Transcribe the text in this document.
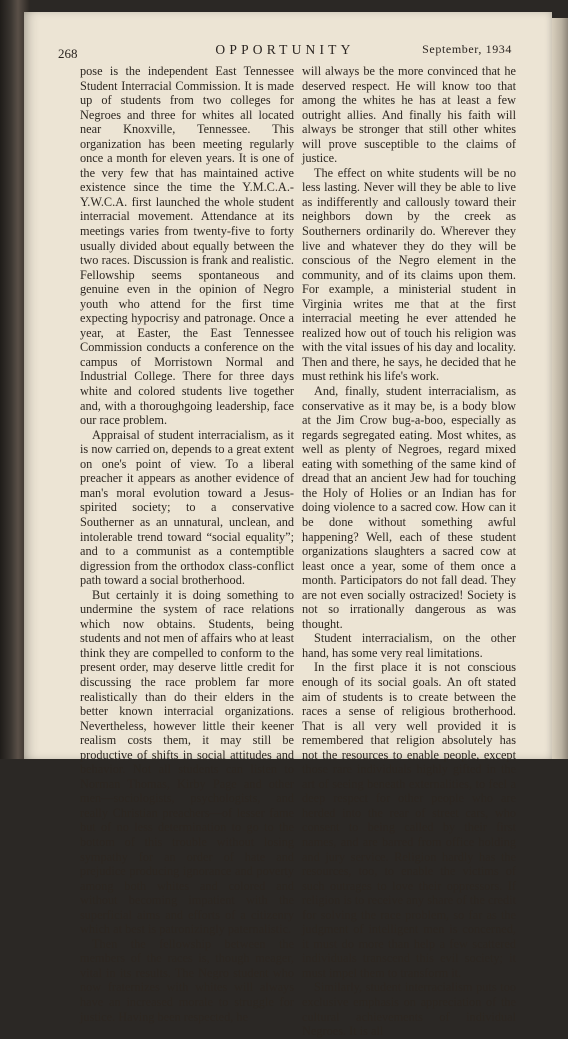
268	OPPORTUNITY	September, 1934

pose is the independent East Tennessee Student Interracial Commission. It is made up of students from two colleges for Negroes and three for whites all located near Knoxville, Tennessee. This organization has been meeting regularly once a month for eleven years. It is one of the very few that has maintained active existence since the time the Y.M.C.A.-Y.W.C.A. first launched the whole student interracial movement. Attendance at its meetings varies from twenty-five to forty usually divided about equally between the two races. Discussion is frank and realistic. Fellowship seems spontaneous and genuine even in the opinion of Negro youth who attend for the first time expecting hypocrisy and patronage. Once a year, at Easter, the East Tennessee Commission conducts a conference on the campus of Morristown Normal and Industrial College. There for three days white and colored students live together and, with a thoroughgoing leadership, face our race problem.

Appraisal of student interracialism, as it is now carried on, depends to a great extent on one's point of view. To a liberal preacher it appears as another evidence of man's moral evolution toward a Jesus-spirited society; to a conservative Southerner as an unnatural, unclean, and intolerable trend toward “social equality”; and to a communist as a contemptible digression from the orthodox class-conflict path toward a social brotherhood.

But certainly it is doing something to undermine the system of race relations which now obtains. Students, being students and not men of affairs who at least think they are compelled to conform to the present order, may deserve little credit for discussing the race problem far more realistically than do their elders in the better known interracial organizations. Nevertheless, however little their keener realism costs them, it may still be productive of shifts in social attitudes and behavior. Not all students can listen to Norman Thomas, Kirby Page and other men—sociologists, psychologists, and really Christian preachers—of lesser fame but of no less determination to go to the bottom of this trouble without losing sympathy for an order of hate and prejudice producing ignorance and poverty among both whites and colored and without becoming impatient with the superficial aims and efforts of a citizenry which at best is patronizingly paternalistic.

Then the fellowship between the members of the races is, though meager, vital in its results. The Negro student who now fraternizes with whites will always have an increased morale to struggle for justice. Having been respected, he

will always be the more convinced that he deserved respect. He will know too that among the whites he has at least a few outright allies. And finally his faith will always be stronger that still other whites will prove susceptible to the claims of justice.

The effect on white students will be no less lasting. Never will they be able to live as indifferently and callously toward their neighbors down by the creek as Southerners ordinarily do. Wherever they live and whatever they do they will be conscious of the Negro element in the community, and of its claims upon them. For example, a ministerial student in Virginia writes me that at the first interracial meeting he ever attended he realized how out of touch his religion was with the vital issues of his day and locality. Then and there, he says, he decided that he must rethink his life's work.

And, finally, student interracialism, as conservative as it may be, is a body blow at the Jim Crow bug-a-boo, especially as regards segregated eating. Most whites, as well as plenty of Negroes, regard mixed eating with something of the same kind of dread that an ancient Jew had for touching the Holy of Holies or an Indian has for doing violence to a sacred cow. How can it be done without something awful happening? Well, each of these student organizations slaughters a sacred cow at least once a year, some of them once a month. Participators do not fall dead. They are not even socially ostracized! Society is not so irrationally dangerous as was thought.

Student interracialism, on the other hand, has some very real limitations.

In the first place it is not conscious enough of its social goals. An oft stated aim of students is to create between the races a sense of religious brotherhood. That is all very well provided it is remembered that religion absolutely has not the resources to enable people, except those rare individuals highly gifted in the art of seeing beneath externalities, to feel a deep respect for other people who are herded into the rear of street cars, who consent to being called by their first names, and are barred from office holding and jury service. Religion hardly has the resources, too, to enable the victims of such outrages to love their oppressors. If religion is to receive any share of the credit for solving the race problem, so far as the judgment of intelligent men is concerned, it must do more than help a few scattered individuals transcend this evil society; it must impel them to transform it.

Similarly, student interracialism puts too exclusive emphasis on appreciation of the cultural achievements of individual Negroes. It is all
